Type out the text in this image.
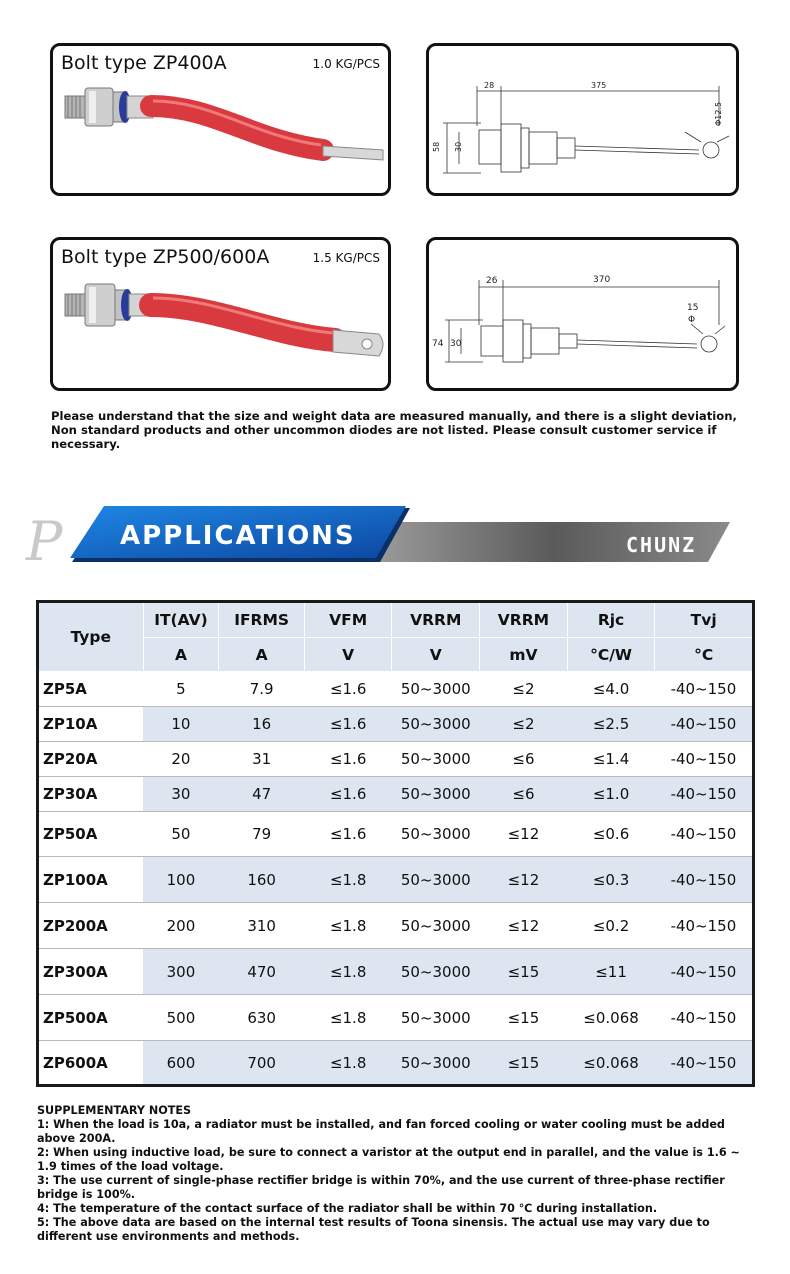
Bolt type ZP400A	1.0 KG/PCS
28	375
58 30
Φ12.5
Bolt type ZP500/600A	1.5 KG/PCS
26	370
74 30
15
Φ
Please understand that the size and weight data are measured manually, and there is a slight deviation,
Non standard products and other uncommon diodes are not listed. Please consult customer service if necessary.
P APPLICATIONS	CHUNZ
Type	IT(AV)	IFRMS	VFM	VRRM	VRRM	Rjc	Tvj
	A	A	V	V	mV	°C/W	°C
ZP5A	5	7.9	≤1.6	50~3000	≤2	≤4.0	-40~150
ZP10A	10	16	≤1.6	50~3000	≤2	≤2.5	-40~150
ZP20A	20	31	≤1.6	50~3000	≤6	≤1.4	-40~150
ZP30A	30	47	≤1.6	50~3000	≤6	≤1.0	-40~150
ZP50A	50	79	≤1.6	50~3000	≤12	≤0.6	-40~150
ZP100A	100	160	≤1.8	50~3000	≤12	≤0.3	-40~150
ZP200A	200	310	≤1.8	50~3000	≤12	≤0.2	-40~150
ZP300A	300	470	≤1.8	50~3000	≤15	≤11	-40~150
ZP500A	500	630	≤1.8	50~3000	≤15	≤0.068	-40~150
ZP600A	600	700	≤1.8	50~3000	≤15	≤0.068	-40~150
SUPPLEMENTARY NOTES
1: When the load is 10a, a radiator must be installed, and fan forced cooling or water cooling must be added above 200A.
2: When using inductive load, be sure to connect a varistor at the output end in parallel, and the value is 1.6 ~ 1.9 times of the load voltage.
3: The use current of single-phase rectifier bridge is within 70%, and the use current of three-phase rectifier bridge is 100%.
4: The temperature of the contact surface of the radiator shall be within 70 ℃ during installation.
5: The above data are based on the internal test results of Toona sinensis. The actual use may vary due to different use environments and methods.
